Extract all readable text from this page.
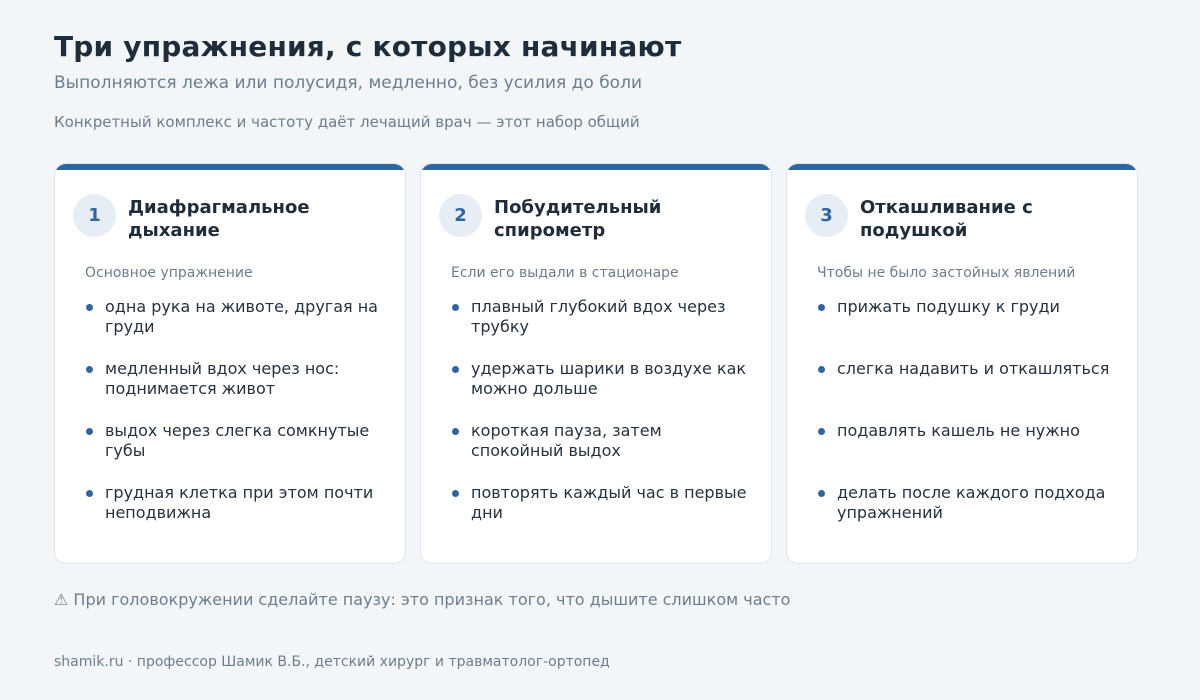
Три упражнения, с которых начинают
Выполняются лежа или полусидя, медленно, без усилия до боли
Конкретный комплекс и частоту даёт лечащий врач — этот набор общий
1	Диафрагмальное дыхание
Основное упражнение
одна рука на животе, другая на груди
медленный вдох через нос: поднимается живот
выдох через слегка сомкнутые губы
грудная клетка при этом почти неподвижна
2	Побудительный спирометр
Если его выдали в стационаре
плавный глубокий вдох через трубку
удержать шарики в воздухе как можно дольше
короткая пауза, затем спокойный выдох
повторять каждый час в первые дни
3	Откашливание с подушкой
Чтобы не было застойных явлений
прижать подушку к груди
слегка надавить и откашляться
подавлять кашель не нужно
делать после каждого подхода упражнений
⚠ При головокружении сделайте паузу: это признак того, что дышите слишком часто
shamik.ru · профессор Шамик В.Б., детский хирург и травматолог-ортопед
